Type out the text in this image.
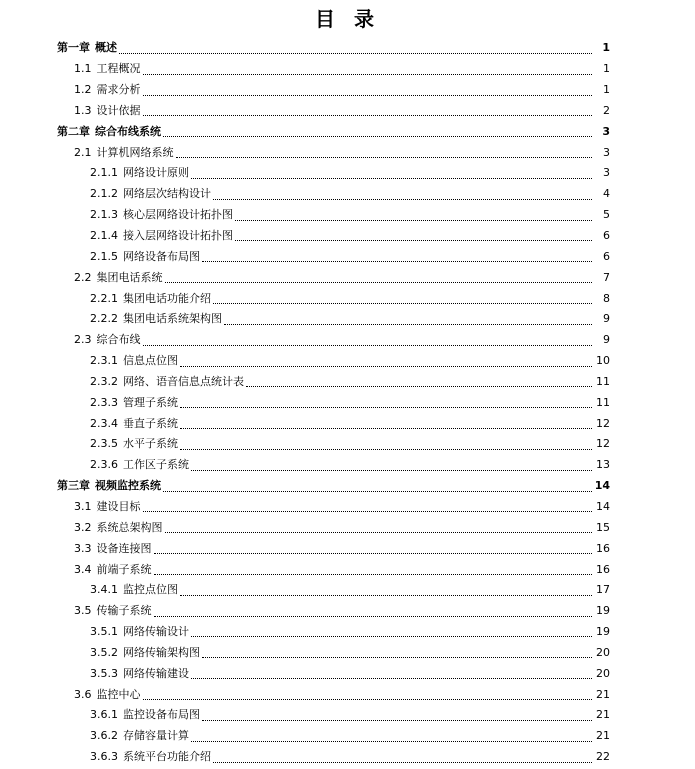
目 录
第一章 概述	1
1.1 工程概况	1
1.2 需求分析	1
1.3 设计依据	2
第二章 综合布线系统	3
2.1 计算机网络系统	3
2.1.1 网络设计原则	3
2.1.2 网络层次结构设计	4
2.1.3 核心层网络设计拓扑图	5
2.1.4 接入层网络设计拓扑图	6
2.1.5 网络设备布局图	6
2.2 集团电话系统	7
2.2.1 集团电话功能介绍	8
2.2.2 集团电话系统架构图	9
2.3 综合布线	9
2.3.1 信息点位图	10
2.3.2 网络、语音信息点统计表	11
2.3.3 管理子系统	11
2.3.4 垂直子系统	12
2.3.5 水平子系统	12
2.3.6 工作区子系统	13
第三章 视频监控系统	14
3.1 建设目标	14
3.2 系统总架构图	15
3.3 设备连接图	16
3.4 前端子系统	16
3.4.1 监控点位图	17
3.5 传输子系统	19
3.5.1 网络传输设计	19
3.5.2 网络传输架构图	20
3.5.3 网络传输建设	20
3.6 监控中心	21
3.6.1 监控设备布局图	21
3.6.2 存储容量计算	21
3.6.3 系统平台功能介绍	22
